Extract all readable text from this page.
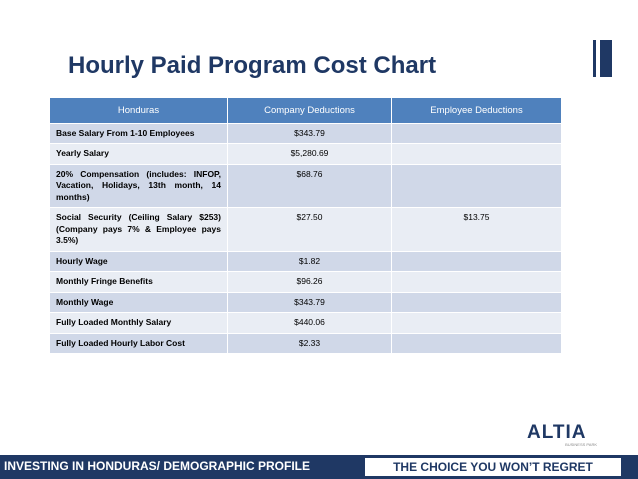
Hourly Paid Program Cost Chart
Honduras	Company Deductions	Employee Deductions
Base Salary From 1-10 Employees	$343.79	
Yearly Salary	$5,280.69	
20% Compensation (includes: INFOP, Vacation, Holidays, 13th month, 14 months)	$68.76	
Social Security (Ceiling Salary $253) (Company pays 7% & Employee pays 3.5%)	$27.50	$13.75
Hourly Wage	$1.82	
Monthly Fringe Benefits	$96.26	
Monthly Wage	$343.79	
Fully Loaded Monthly Salary	$440.06	
Fully Loaded Hourly Labor Cost	$2.33	
ALTIA
BUSINESS PARK
INVESTING IN HONDURAS/ DEMOGRAPHIC PROFILE	THE CHOICE YOU WON’T REGRET
